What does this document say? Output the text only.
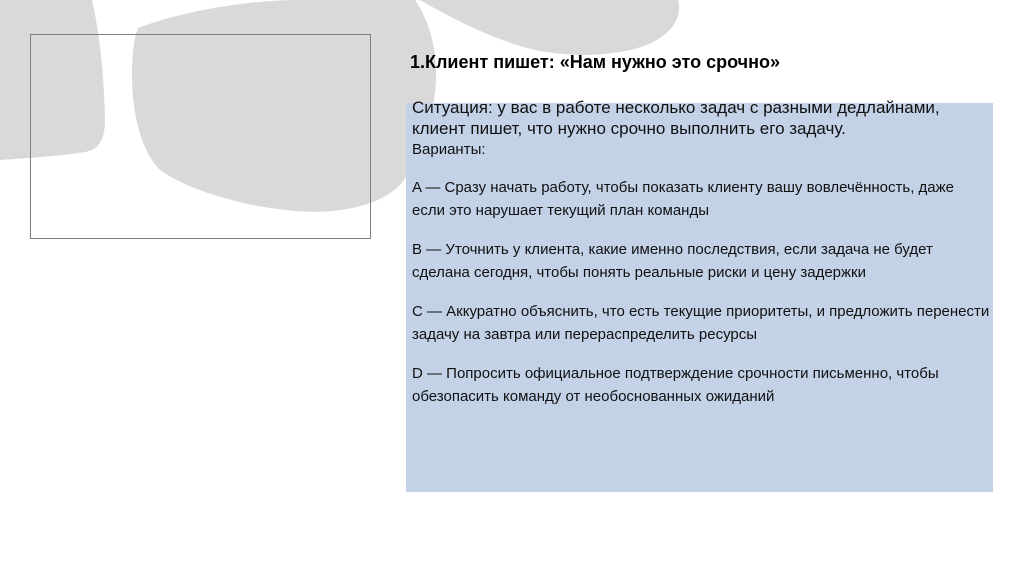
1.Клиент пишет: «Нам нужно это срочно»

Ситуация: у вас в работе несколько задач с разными дедлайнами, клиент пишет, что нужно срочно выполнить его задачу.

Варианты:

A — Сразу начать работу, чтобы показать клиенту вашу вовлечённость, даже если это нарушает текущий план команды

B — Уточнить у клиента, какие именно последствия, если задача не будет сделана сегодня, чтобы понять реальные риски и цену задержки

C — Аккуратно объяснить, что есть текущие приоритеты, и предложить перенести задачу на завтра или перераспределить ресурсы

D — Попросить официальное подтверждение срочности письменно, чтобы обезопасить команду от необоснованных ожиданий
